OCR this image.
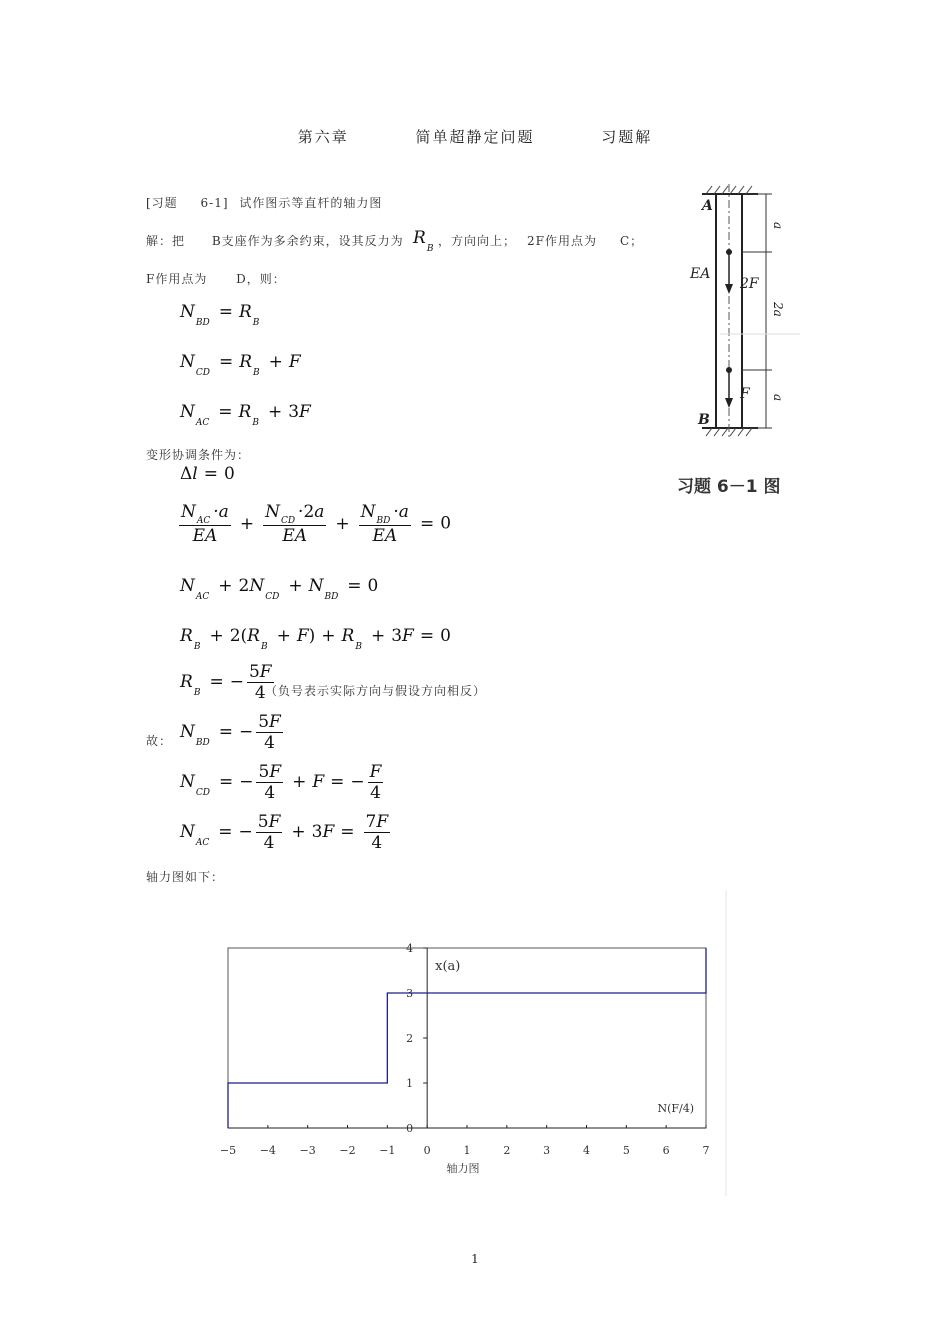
第六章	简单超静定问题	习题解
[习题 6-1] 试作图示等直杆的轴力图
解：把 B支座作为多余约束，设其反力为 $R_B$
，方向向上； 2F作用点为 C；
F作用点为 D，则：
$N_{BD}= R_B$
$N_{CD}= R_B+ F$
$N_{AC}= R_B+ 3F$
变形协调条件为：
Δl = 0
$\frac{N_{AC} \cdot a}{EA} + \frac{N_{CD} \cdot 2a}{EA} + \frac{N_{BD} \cdot a}{EA} = 0$
$N_{AC}+ 2N_{CD}+ N_{BD}= 0$
$R_B+ 2(R_B+ F) + R_B+ 3F = 0$
$R_B= - \frac{5F}{4}$
（负号表示实际方向与假设方向相反）
故： $N_{BD}= - \frac{5F}{4}$
$N_{CD}= - \frac{5F}{4} + F$ = − $\frac{F}{4}$
$N_{AC}= - \frac{5F}{4} + 3F = \frac{7F}{4}$
轴力图如下：
A
EA
2F
F
B
a
2a
a
习题 6－1 图
−5 −4 −3 −2 −1	0	1	2	3	4	5	6	7
0
1
2
3
4
x(a)
N(F/4)
轴力图
1
